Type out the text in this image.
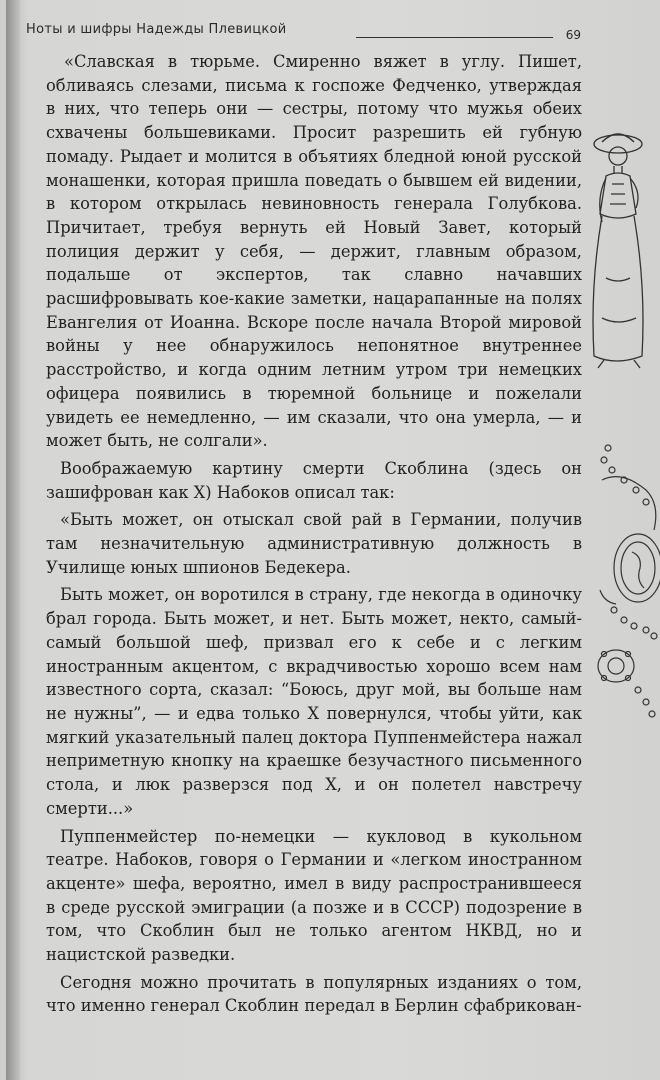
Ноты и шифры Надежды Плевицкой	69

«Славская в тюрьме. Смиренно вяжет в углу. Пишет, обливаясь слезами, письма к госпоже Федченко, утверждая в них, что теперь они — сестры, потому что мужья обеих схвачены большевиками. Просит разрешить ей губную помаду. Рыдает и молится в объятиях бледной юной русской монашенки, которая пришла поведать о бывшем ей видении, в котором открылась невиновность генерала Голубкова. Причитает, требуя вернуть ей Новый Завет, который полиция держит у себя, — держит, главным образом, подальше от экспертов, так славно начавших расшифровывать кое-какие заметки, нацарапанные на полях Евангелия от Иоанна. Вскоре после начала Второй мировой войны у нее обнаружилось непонятное внутреннее расстройство, и когда одним летним утром три немецких офицера появились в тюремной больнице и пожелали увидеть ее немедленно, — им сказали, что она умерла, — и может быть, не солгали».

Воображаемую картину смерти Скоблина (здесь он зашифрован как X) Набоков описал так:

«Быть может, он отыскал свой рай в Германии, получив там незначительную административную должность в Училище юных шпионов Бедекера.

Быть может, он воротился в страну, где некогда в одиночку брал города. Быть может, и нет. Быть может, некто, самый-самый большой шеф, призвал его к себе и с легким иностранным акцентом, с вкрадчивостью хорошо всем нам известного сорта, сказал: “Боюсь, друг мой, вы больше нам не нужны”, — и едва только X повернулся, чтобы уйти, как мягкий указательный палец доктора Пуппенмейстера нажал неприметную кнопку на краешке безучастного письменного стола, и люк разверзся под X, и он полетел навстречу смерти...»

Пуппенмейстер по-немецки — кукловод в кукольном театре. Набоков, говоря о Германии и «легком иностранном акценте» шефа, вероятно, имел в виду распространившееся в среде русской эмиграции (а позже и в СССР) подозрение в том, что Скоблин был не только агентом НКВД, но и нацистской разведки.

Сегодня можно прочитать в популярных изданиях о том, что именно генерал Скоблин передал в Берлин сфабрикован-
